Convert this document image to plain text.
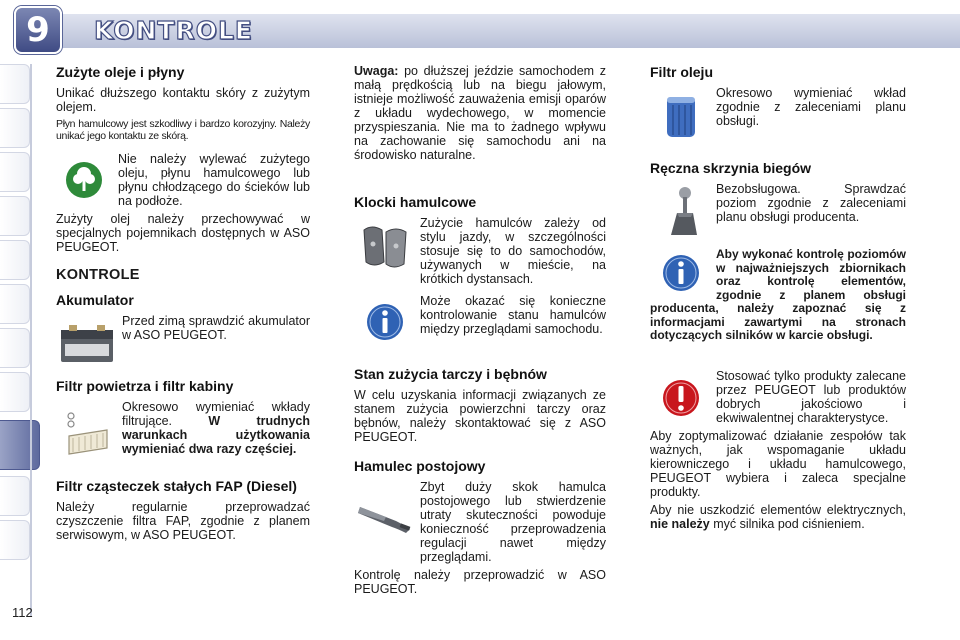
9	KONTROLE
Zużyte oleje i płyny

Unikać dłuższego kontaktu skóry z zużytym olejem.

Płyn hamulcowy jest szkodliwy i bardzo korozyjny. Należy unikać jego kontaktu ze skórą.

Nie należy wylewać zużytego oleju, płynu hamulcowego lub płynu chłodzącego do ścieków lub na podłoże.

Zużyty olej należy przechowywać w specjalnych pojemnikach dostępnych w ASO PEUGEOT.

KONTROLE
Akumulator

Przed zimą sprawdzić akumulator w ASO PEUGEOT.

Filtr powietrza i filtr kabiny

Okresowo wymieniać wkłady filtrujące.	W trudnych warunkach użytkowania wymieniać dwa razy częściej.

Filtr cząsteczek stałych FAP (Diesel)

Należy regularnie przeprowadzać czyszczenie filtra FAP, zgodnie z planem serwisowym, w ASO PEUGEOT.

Uwaga: po dłuższej jeździe samochodem z małą prędkością lub na biegu jałowym, istnieje możliwość zauważenia emisji oparów z układu wydechowego, w momencie przyspieszania. Nie ma to żadnego wpływu na zachowanie się samochodu ani na środowisko naturalne.

Klocki hamulcowe

Zużycie hamulców zależy od stylu jazdy, w szczególności stosuje się to do samochodów, używanych w mieście, na krótkich dystansach.

Może okazać się konieczne kontrolowanie stanu hamulców między przeglądami samochodu.

Stan zużycia tarczy i bębnów

W celu uzyskania informacji związanych ze stanem zużycia powierzchni tarczy oraz bębnów, należy skontaktować się z ASO PEUGEOT.

Hamulec postojowy

Zbyt duży skok hamulca postojowego lub stwierdzenie utraty skuteczności powoduje konieczność przeprowadzenia regulacji nawet między przeglądami.

Kontrolę należy przeprowadzić w ASO PEUGEOT.

Filtr oleju

Okresowo wymieniać wkład zgodnie z zaleceniami planu obsługi.

Ręczna skrzynia biegów

Bezobsługowa. Sprawdzać poziom zgodnie z zaleceniami planu obsługi producenta.

Aby wykonać kontrolę poziomów w najważniejszych zbiornikach oraz kontrolę elementów, zgodnie z planem obsługi producenta, należy zapoznać się z informacjami zawartymi na stronach dotyczących silników w karcie obsługi.

Stosować tylko produkty zalecane przez PEUGEOT lub produktów dobrych jakościowo i ekwiwalentnej charakterystyce.

Aby zoptymalizować działanie zespołów tak ważnych, jak wspomaganie układu kierowniczego i układu hamulcowego, PEUGEOT wybiera i zaleca specjalne produkty.

Aby nie uszkodzić elementów elektrycznych, nie należy myć silnika pod ciśnieniem.

112
